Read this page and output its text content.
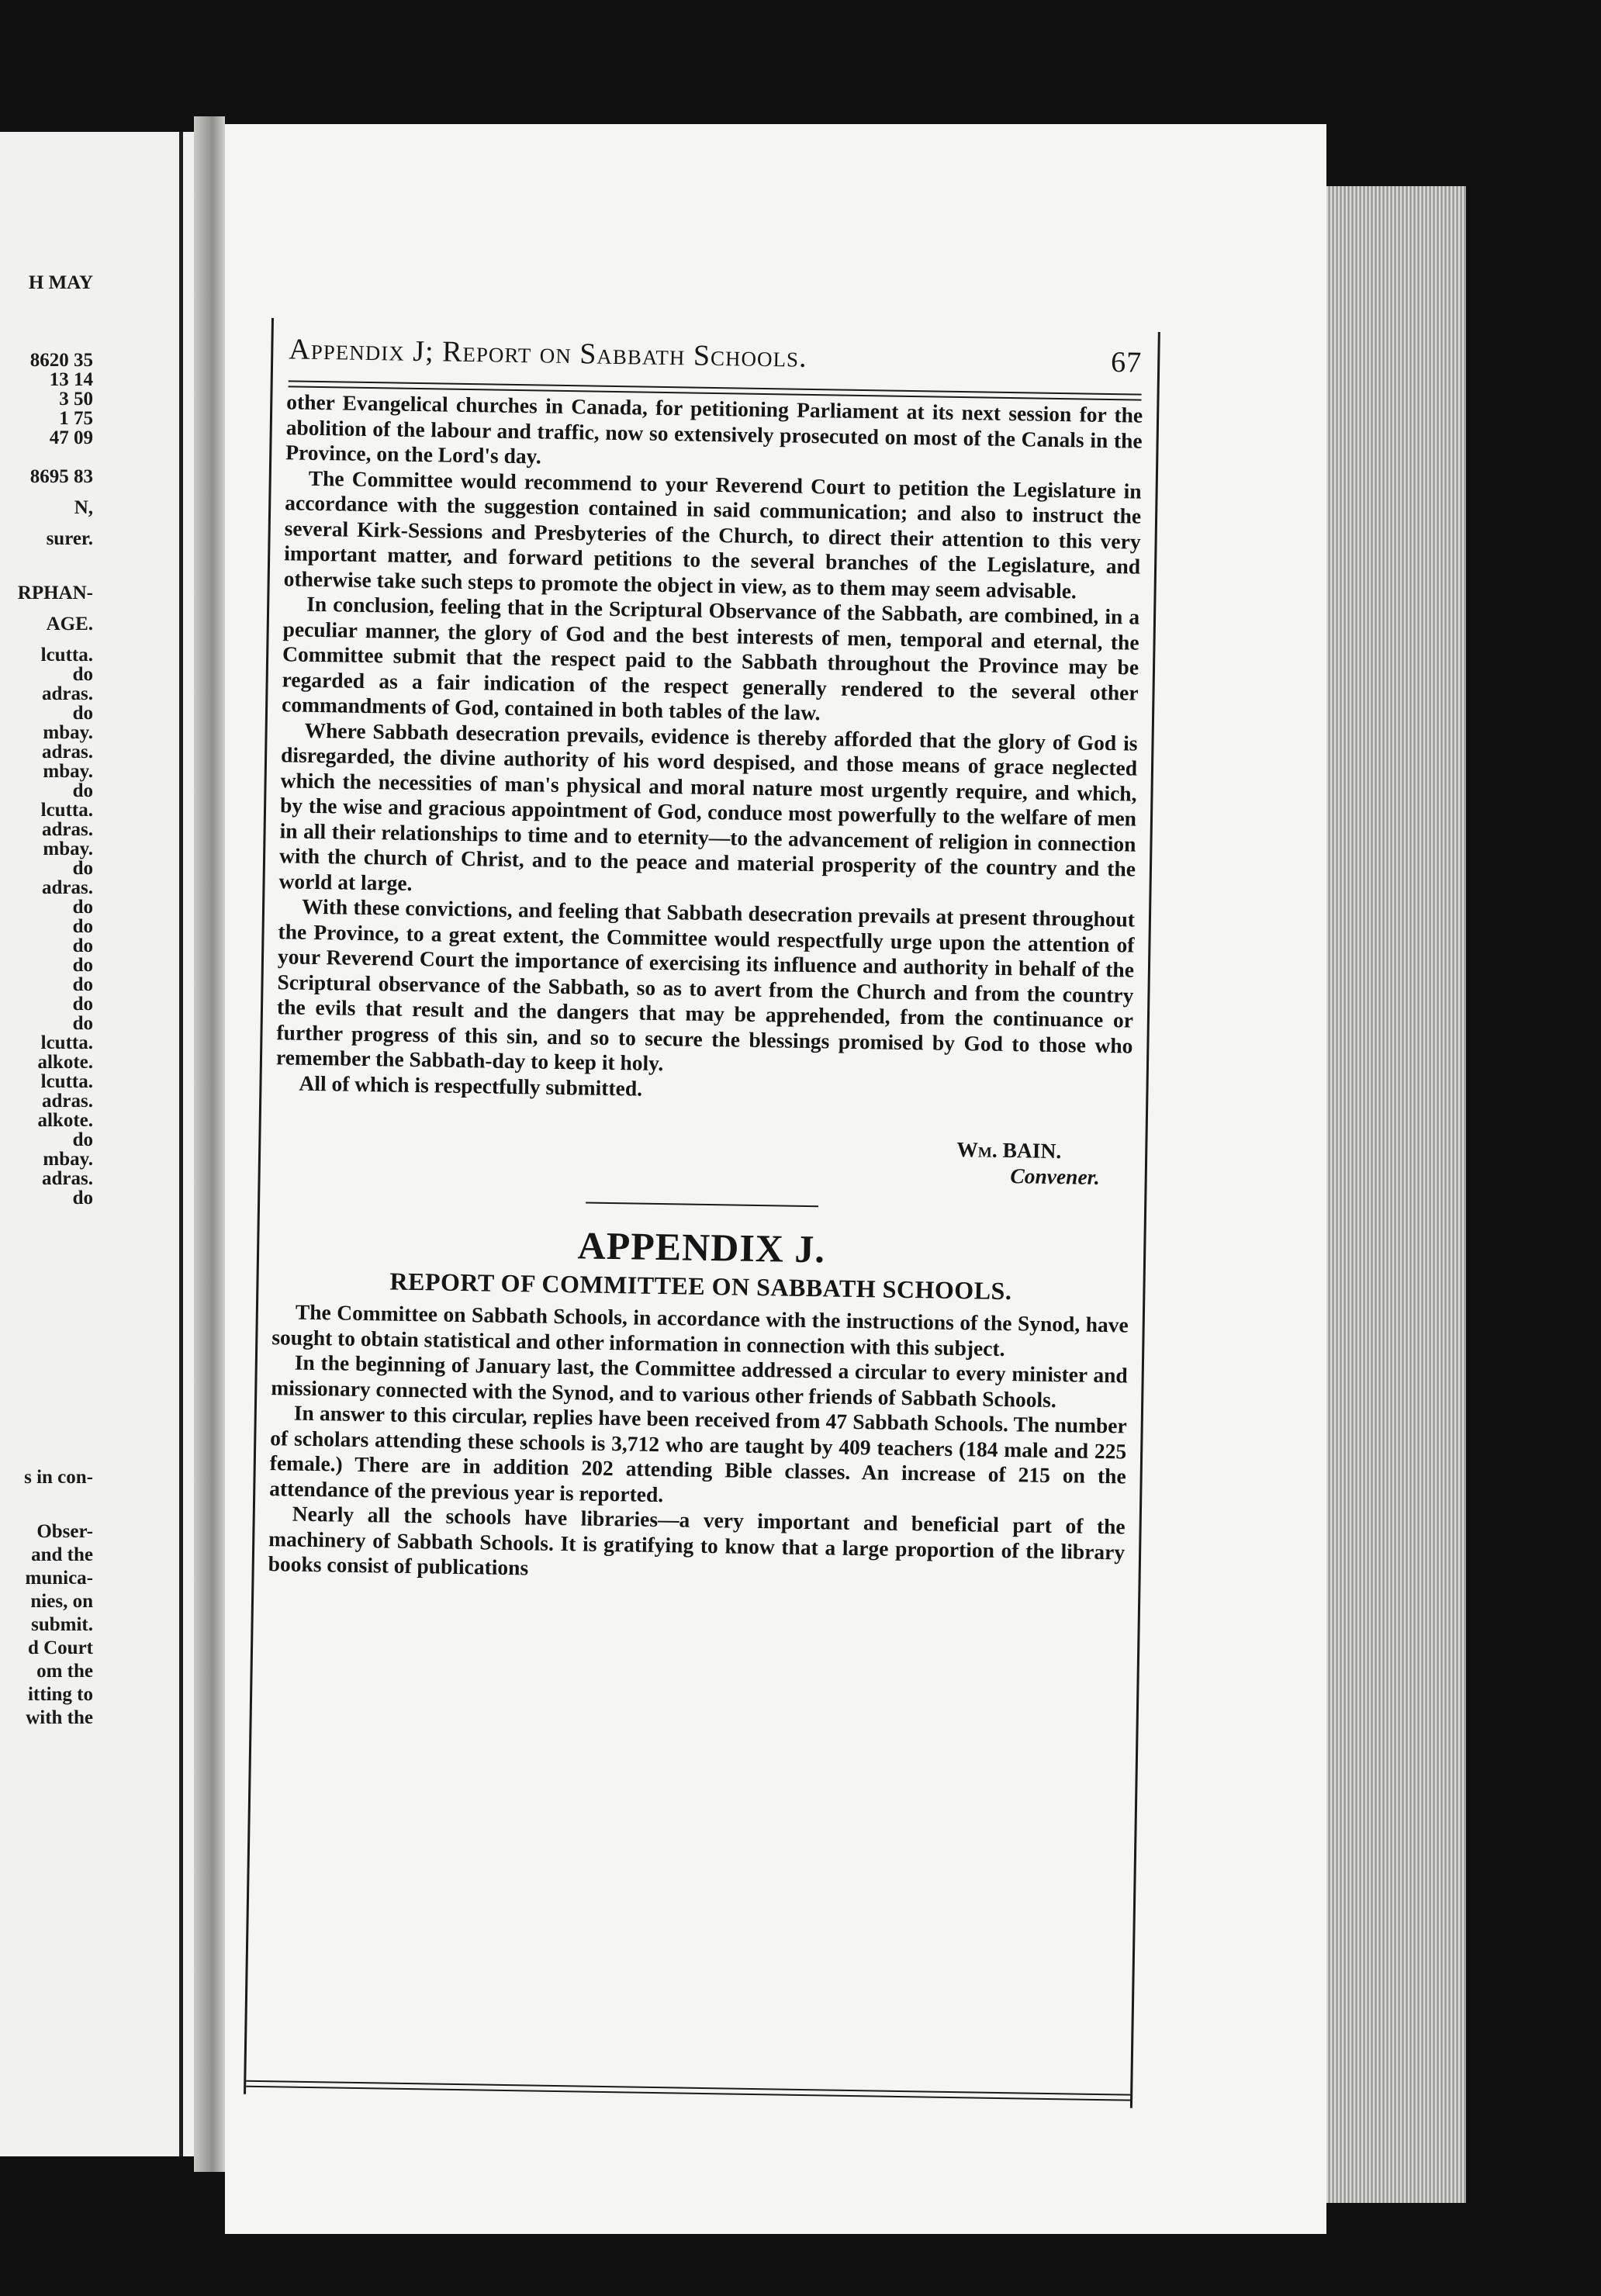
H MAY
8620 35
13 14
3 50
1 75
47 09
8695 83
N,
surer.
RPHAN-
AGE.
lcutta.
do
adras.
do
mbay.
adras.
mbay.
do
lcutta.
adras.
mbay.
do
adras.
do
do
do
do
do
do
do
lcutta.
alkote.
lcutta.
adras.
alkote.
do
mbay.
adras.
do
s in con-
Obser-
and the
munica-
nies, on
submit.
d Court
om the
itting to
with the
Appendix J; Report on Sabbath Schools.	67

other Evangelical churches in Canada, for petitioning Parliament at its next session for the abolition of the labour and traffic, now so extensively prosecuted on most of the Canals in the Province, on the Lord's day.

The Committee would recommend to your Reverend Court to petition the Legislature in accordance with the suggestion contained in said communication; and also to instruct the several Kirk-Sessions and Presbyteries of the Church, to direct their attention to this very important matter, and forward petitions to the several branches of the Legislature, and otherwise take such steps to promote the object in view, as to them may seem advisable.

In conclusion, feeling that in the Scriptural Observance of the Sabbath, are combined, in a peculiar manner, the glory of God and the best interests of men, temporal and eternal, the Committee submit that the respect paid to the Sabbath throughout the Province may be regarded as a fair indication of the respect generally rendered to the several other commandments of God, contained in both tables of the law.

Where Sabbath desecration prevails, evidence is thereby afforded that the glory of God is disregarded, the divine authority of his word despised, and those means of grace neglected which the necessities of man's physical and moral nature most urgently require, and which, by the wise and gracious appointment of God, conduce most powerfully to the welfare of men in all their relationships to time and to eternity—to the advancement of religion in connection with the church of Christ, and to the peace and material prosperity of the country and the world at large.

With these convictions, and feeling that Sabbath desecration prevails at present throughout the Province, to a great extent, the Committee would respectfully urge upon the attention of your Reverend Court the importance of exercising its influence and authority in behalf of the Scriptural observance of the Sabbath, so as to avert from the Church and from the country the evils that result and the dangers that may be apprehended, from the continuance or further progress of this sin, and so to secure the blessings promised by God to those who remember the Sabbath-day to keep it holy.

All of which is respectfully submitted.

Wm. BAIN.
Convener.
APPENDIX J.
REPORT OF COMMITTEE ON SABBATH SCHOOLS.

The Committee on Sabbath Schools, in accordance with the instructions of the Synod, have sought to obtain statistical and other information in connection with this subject.

In the beginning of January last, the Committee addressed a circular to every minister and missionary connected with the Synod, and to various other friends of Sabbath Schools.

In answer to this circular, replies have been received from 47 Sabbath Schools. The number of scholars attending these schools is 3,712 who are taught by 409 teachers (184 male and 225 female.) There are in addition 202 attending Bible classes. An increase of 215 on the attendance of the previous year is reported.

Nearly all the schools have libraries—a very important and beneficial part of the machinery of Sabbath Schools. It is gratifying to know that a large proportion of the library books consist of publications
